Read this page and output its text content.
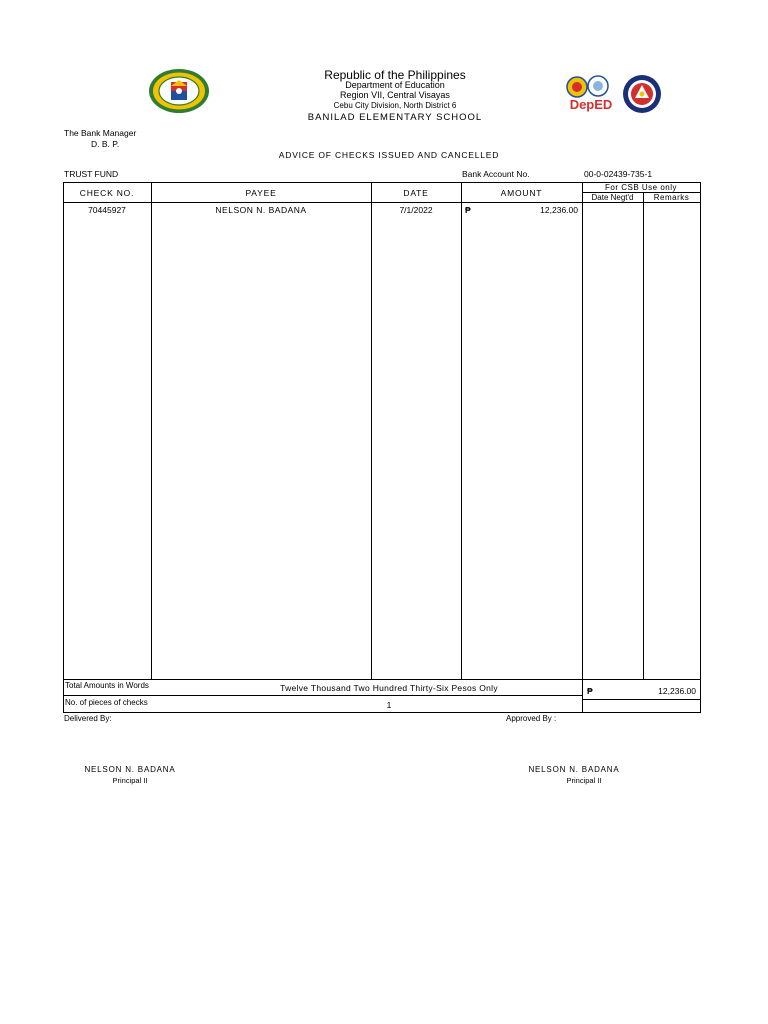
DepED
Republic of the Philippines
Department of Education
Region VII, Central Visayas
Cebu City Division, North District 6
BANILAD ELEMENTARY SCHOOL
The Bank Manager
D. B. P.
ADVICE OF CHECKS ISSUED AND CANCELLED
TRUST FUND	Bank Account No.	00-0-02439-735-1
CHECK NO.	PAYEE	DATE	AMOUNT
For CSB Use only
Date Negt'd	Remarks
70445927	NELSON N. BADANA	7/1/2022	₱	12,236.00
Total Amounts in Words	Twelve Thousand Two Hundred Thirty-Six Pesos Only	₱	12,236.00
No. of pieces of checks	1
Delivered By:	Approved By :
NELSON N. BADANA
Principal II
NELSON N. BADANA
Principal II
